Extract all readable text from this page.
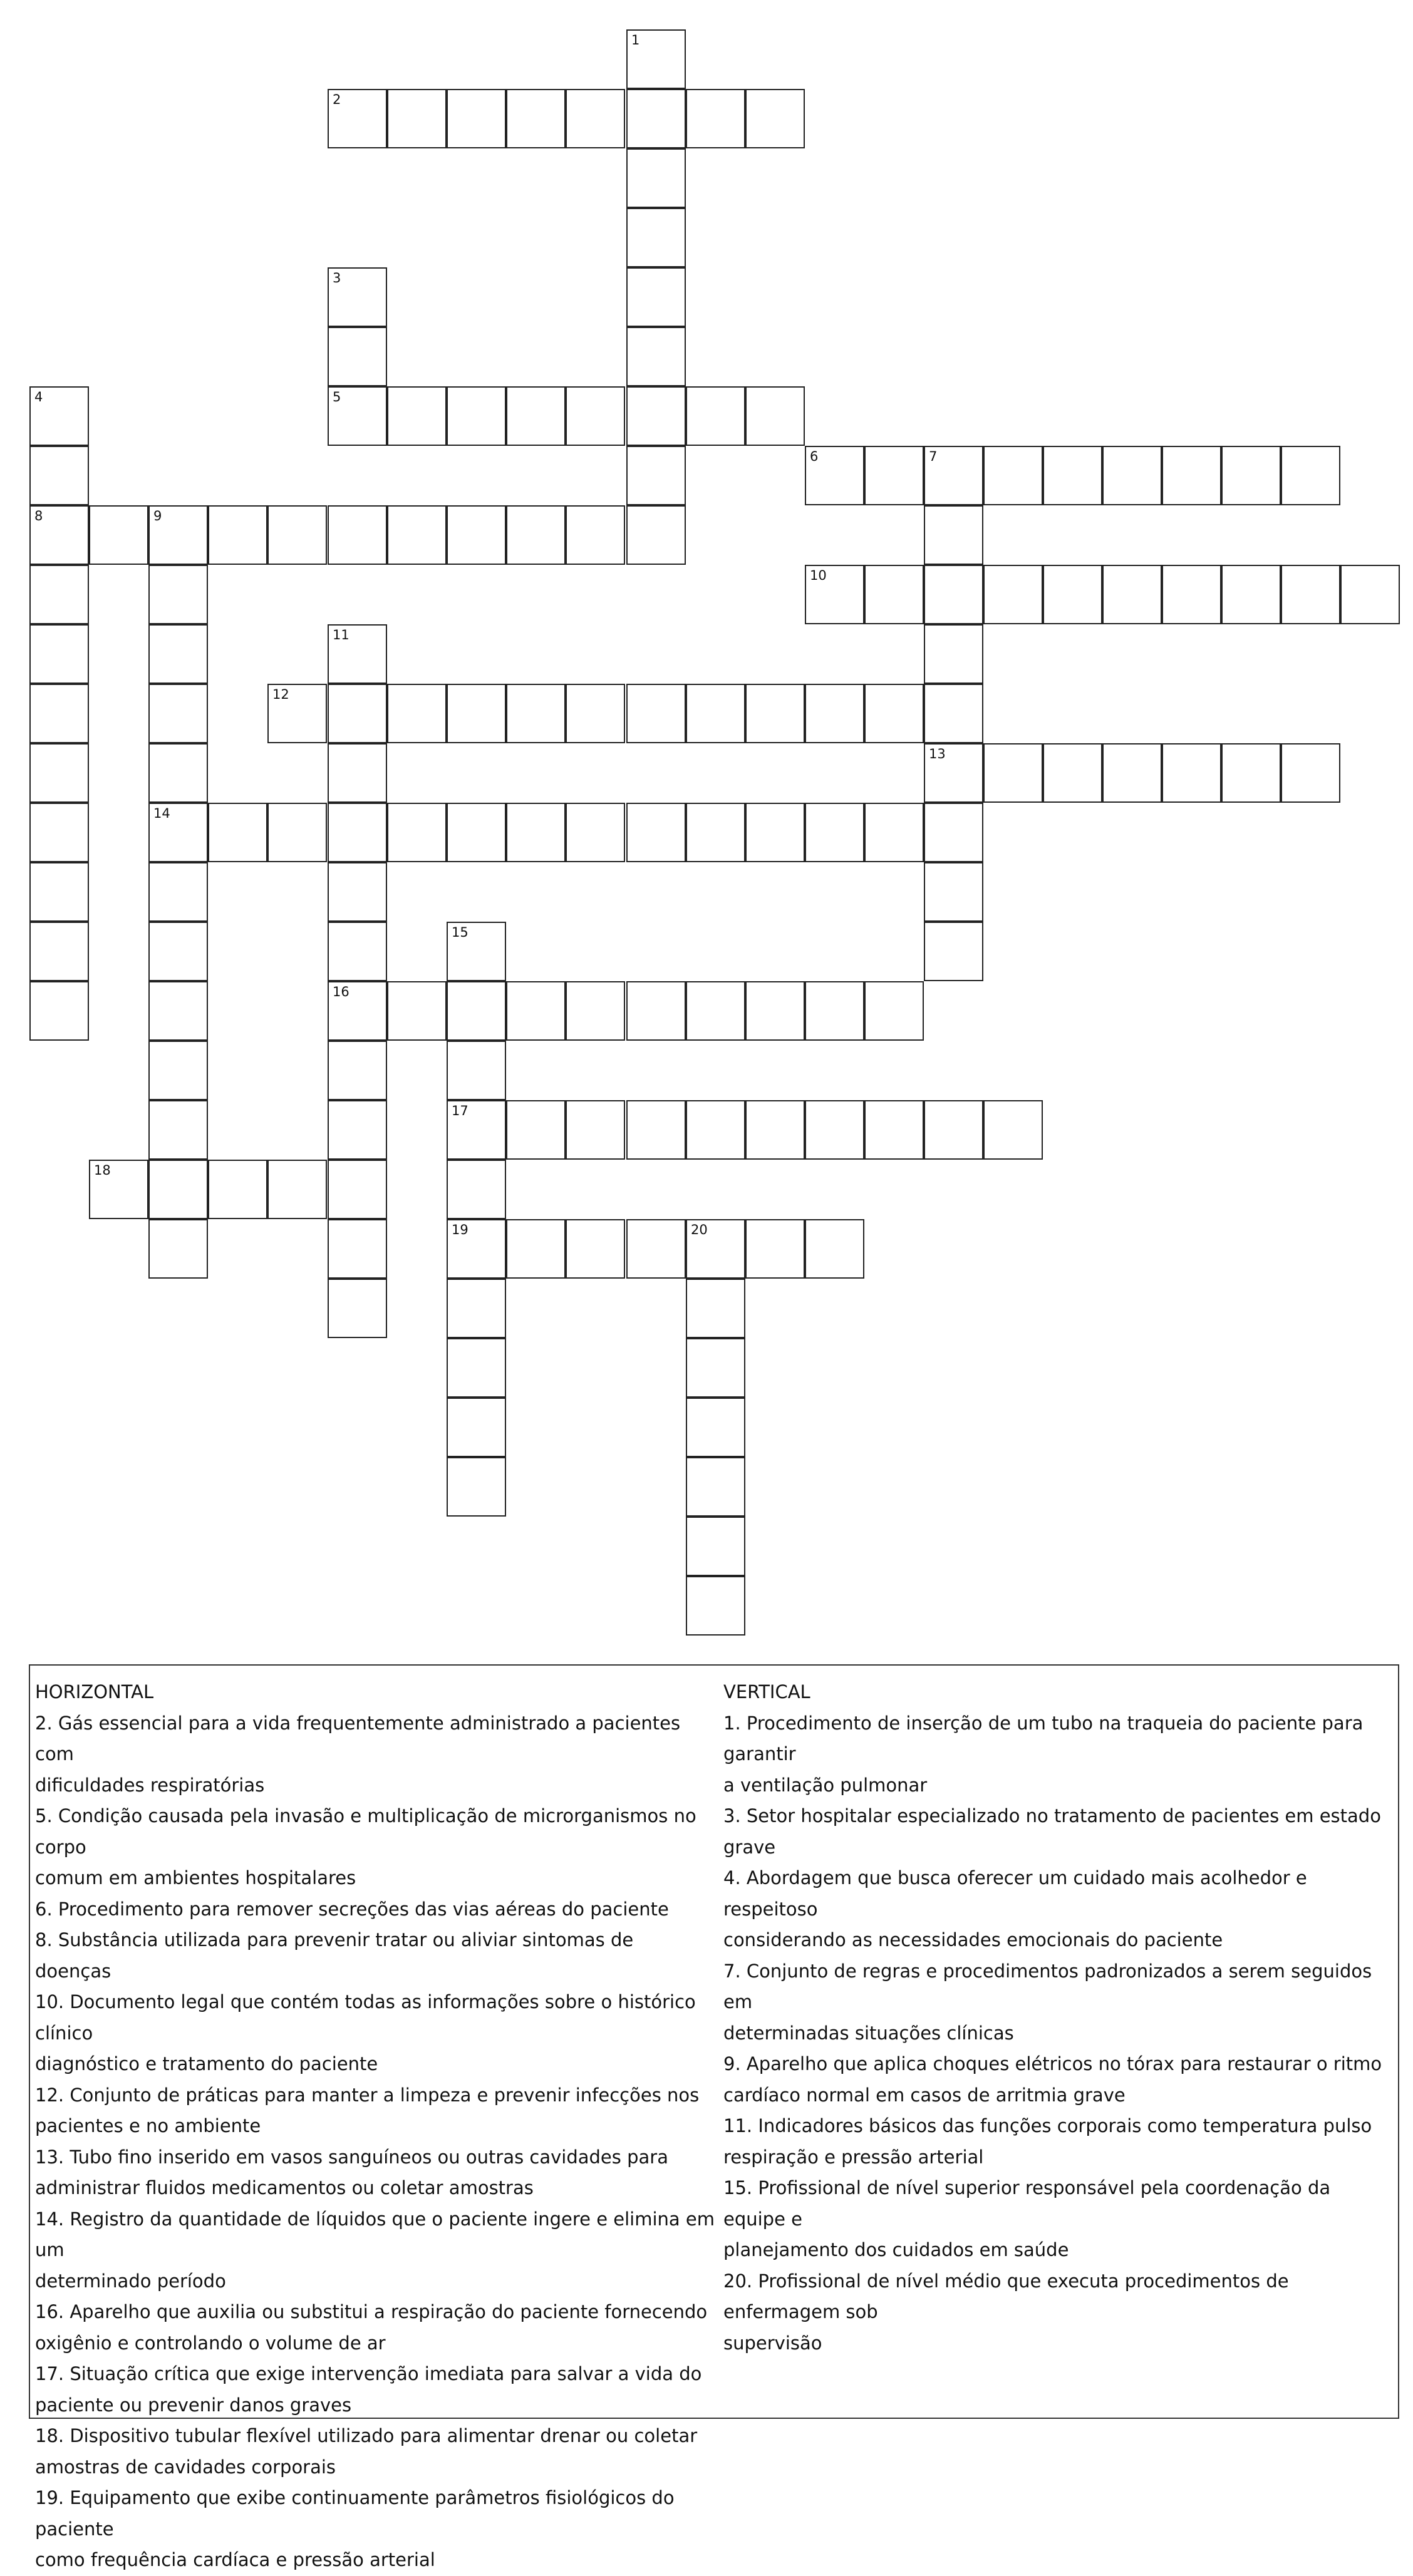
1
2
3
4	5
6	7
8	9
10
11
12
13
14
15
16
17
18
19	20
HORIZONTAL
2. Gás essencial para a vida frequentemente administrado a pacientes com
dificuldades respiratórias
5. Condição causada pela invasão e multiplicação de microrganismos no corpo
comum em ambientes hospitalares
6. Procedimento para remover secreções das vias aéreas do paciente
8. Substância utilizada para prevenir tratar ou aliviar sintomas de doenças
10. Documento legal que contém todas as informações sobre o histórico clínico
diagnóstico e tratamento do paciente
12. Conjunto de práticas para manter a limpeza e prevenir infecções nos
pacientes e no ambiente
13. Tubo fino inserido em vasos sanguíneos ou outras cavidades para
administrar fluidos medicamentos ou coletar amostras
14. Registro da quantidade de líquidos que o paciente ingere e elimina em um
determinado período
16. Aparelho que auxilia ou substitui a respiração do paciente fornecendo
oxigênio e controlando o volume de ar
17. Situação crítica que exige intervenção imediata para salvar a vida do
paciente ou prevenir danos graves
18. Dispositivo tubular flexível utilizado para alimentar drenar ou coletar
amostras de cavidades corporais
19. Equipamento que exibe continuamente parâmetros fisiológicos do paciente
como frequência cardíaca e pressão arterial
VERTICAL
1. Procedimento de inserção de um tubo na traqueia do paciente para garantir
a ventilação pulmonar
3. Setor hospitalar especializado no tratamento de pacientes em estado grave
4. Abordagem que busca oferecer um cuidado mais acolhedor e respeitoso
considerando as necessidades emocionais do paciente
7. Conjunto de regras e procedimentos padronizados a serem seguidos em
determinadas situações clínicas
9. Aparelho que aplica choques elétricos no tórax para restaurar o ritmo
cardíaco normal em casos de arritmia grave
11. Indicadores básicos das funções corporais como temperatura pulso
respiração e pressão arterial
15. Profissional de nível superior responsável pela coordenação da equipe e
planejamento dos cuidados em saúde
20. Profissional de nível médio que executa procedimentos de enfermagem sob
supervisão
